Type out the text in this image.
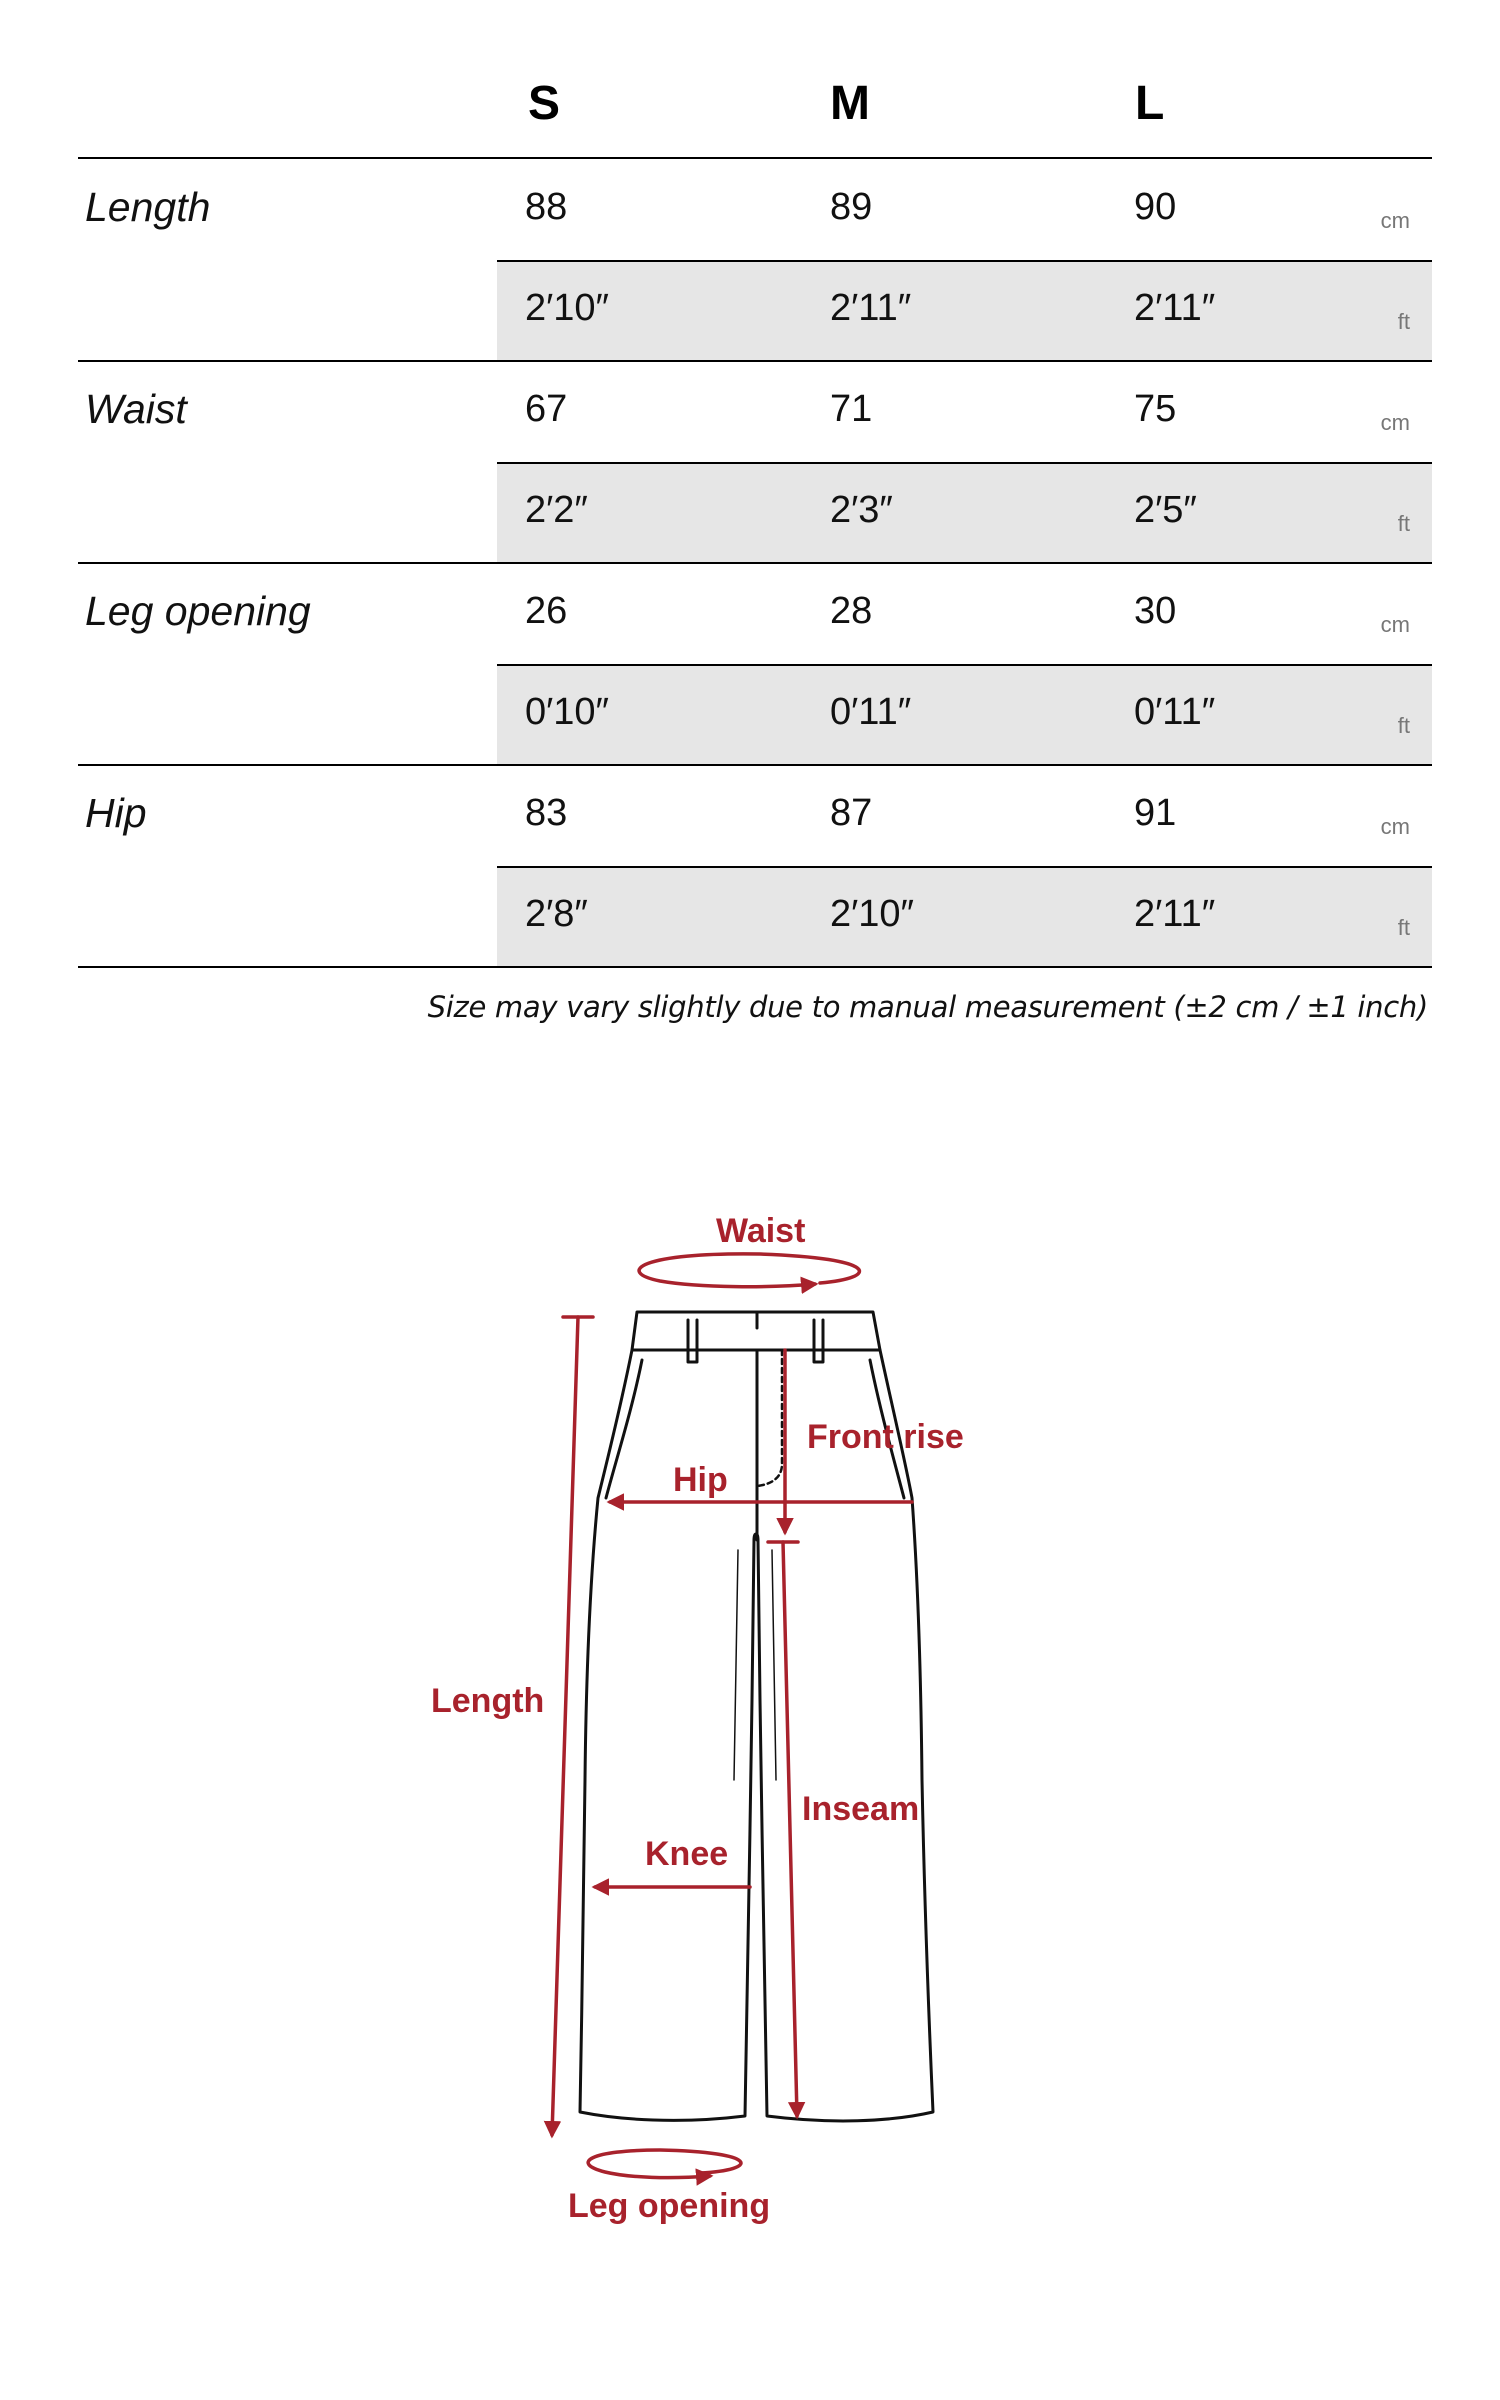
S	M	L
Length	88	89	90	cm
2′10″	2′11″	2′11″	ft
Waist	67	71	75	cm
2′2″	2′3″	2′5″	ft
Leg opening	26	28	30	cm
0′10″	0′11″	0′11″	ft
Hip	83	87	91	cm
2′8″	2′10″	2′11″	ft
Size may vary slightly due to manual measurement (±2 cm / ±1 inch)
Waist
Front rise
Hip
Length
Inseam
Knee
Leg opening
